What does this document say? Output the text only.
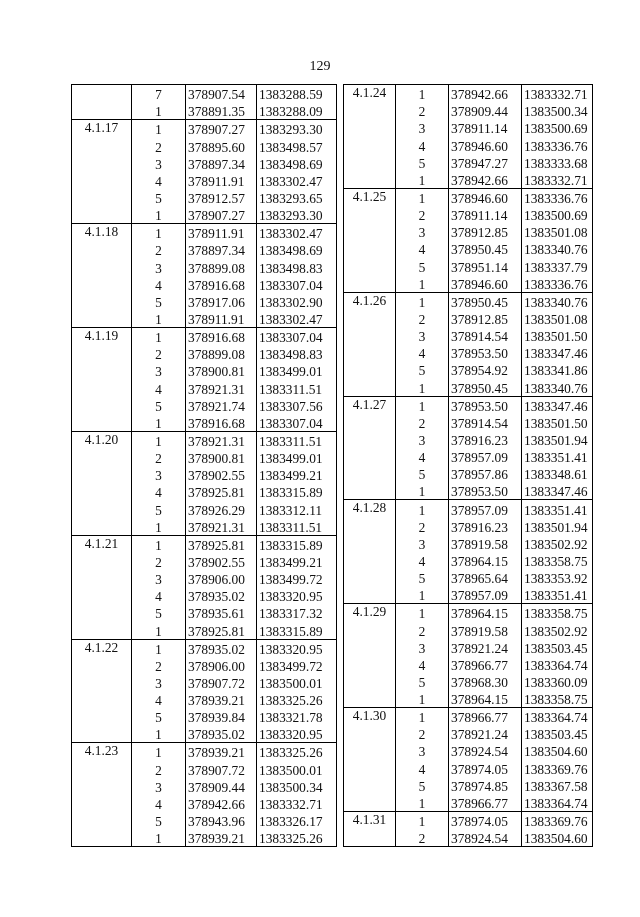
129
	7	378907.54	1383288.59
	1	378891.35	1383288.09
4.1.17	1	378907.27	1383293.30
	2	378895.60	1383498.57
	3	378897.34	1383498.69
	4	378911.91	1383302.47
	5	378912.57	1383293.65
	1	378907.27	1383293.30
4.1.18	1	378911.91	1383302.47
	2	378897.34	1383498.69
	3	378899.08	1383498.83
	4	378916.68	1383307.04
	5	378917.06	1383302.90
	1	378911.91	1383302.47
4.1.19	1	378916.68	1383307.04
	2	378899.08	1383498.83
	3	378900.81	1383499.01
	4	378921.31	1383311.51
	5	378921.74	1383307.56
	1	378916.68	1383307.04
4.1.20	1	378921.31	1383311.51
	2	378900.81	1383499.01
	3	378902.55	1383499.21
	4	378925.81	1383315.89
	5	378926.29	1383312.11
	1	378921.31	1383311.51
4.1.21	1	378925.81	1383315.89
	2	378902.55	1383499.21
	3	378906.00	1383499.72
	4	378935.02	1383320.95
	5	378935.61	1383317.32
	1	378925.81	1383315.89
4.1.22	1	378935.02	1383320.95
	2	378906.00	1383499.72
	3	378907.72	1383500.01
	4	378939.21	1383325.26
	5	378939.84	1383321.78
	1	378935.02	1383320.95
4.1.23	1	378939.21	1383325.26
	2	378907.72	1383500.01
	3	378909.44	1383500.34
	4	378942.66	1383332.71
	5	378943.96	1383326.17
	1	378939.21	1383325.26
4.1.24	1	378942.66	1383332.71
	2	378909.44	1383500.34
	3	378911.14	1383500.69
	4	378946.60	1383336.76
	5	378947.27	1383333.68
	1	378942.66	1383332.71
4.1.25	1	378946.60	1383336.76
	2	378911.14	1383500.69
	3	378912.85	1383501.08
	4	378950.45	1383340.76
	5	378951.14	1383337.79
	1	378946.60	1383336.76
4.1.26	1	378950.45	1383340.76
	2	378912.85	1383501.08
	3	378914.54	1383501.50
	4	378953.50	1383347.46
	5	378954.92	1383341.86
	1	378950.45	1383340.76
4.1.27	1	378953.50	1383347.46
	2	378914.54	1383501.50
	3	378916.23	1383501.94
	4	378957.09	1383351.41
	5	378957.86	1383348.61
	1	378953.50	1383347.46
4.1.28	1	378957.09	1383351.41
	2	378916.23	1383501.94
	3	378919.58	1383502.92
	4	378964.15	1383358.75
	5	378965.64	1383353.92
	1	378957.09	1383351.41
4.1.29	1	378964.15	1383358.75
	2	378919.58	1383502.92
	3	378921.24	1383503.45
	4	378966.77	1383364.74
	5	378968.30	1383360.09
	1	378964.15	1383358.75
4.1.30	1	378966.77	1383364.74
	2	378921.24	1383503.45
	3	378924.54	1383504.60
	4	378974.05	1383369.76
	5	378974.85	1383367.58
	1	378966.77	1383364.74
4.1.31	1	378974.05	1383369.76
	2	378924.54	1383504.60
